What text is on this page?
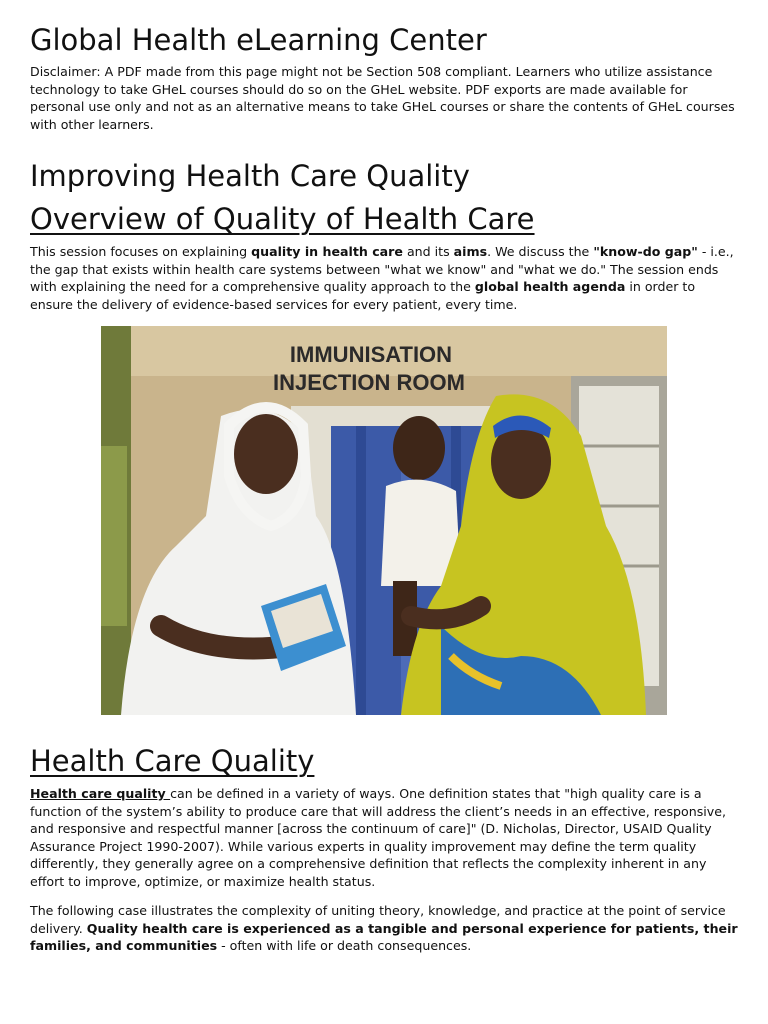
Global Health eLearning Center

Disclaimer: A PDF made from this page might not be Section 508 compliant. Learners who utilize assistance technology to take GHeL courses should do so on the GHeL website. PDF exports are made available for personal use only and not as an alternative means to take GHeL courses or share the contents of GHeL courses with other learners.

Improving Health Care Quality
Overview of Quality of Health Care

This session focuses on explaining quality in health care and its aims. We discuss the "know-do gap" - i.e., the gap that exists within health care systems between "what we know" and "what we do." The session ends with explaining the need for a comprehensive quality approach to the global health agenda in order to ensure the delivery of evidence-based services for every patient, every time.

IMMUNISATION
INJECTION ROOM
Health Care Quality

Health care quality can be defined in a variety of ways. One definition states that "high quality care is a function of the system’s ability to produce care that will address the client’s needs in an effective, responsive, and responsive and respectful manner [across the continuum of care]" (D. Nicholas, Director, USAID Quality Assurance Project 1990-2007). While various experts in quality improvement may define the term quality differently, they generally agree on a comprehensive definition that reflects the complexity inherent in any effort to improve, optimize, or maximize health status.

The following case illustrates the complexity of uniting theory, knowledge, and practice at the point of service delivery. Quality health care is experienced as a tangible and personal experience for patients, their families, and communities - often with life or death consequences.
